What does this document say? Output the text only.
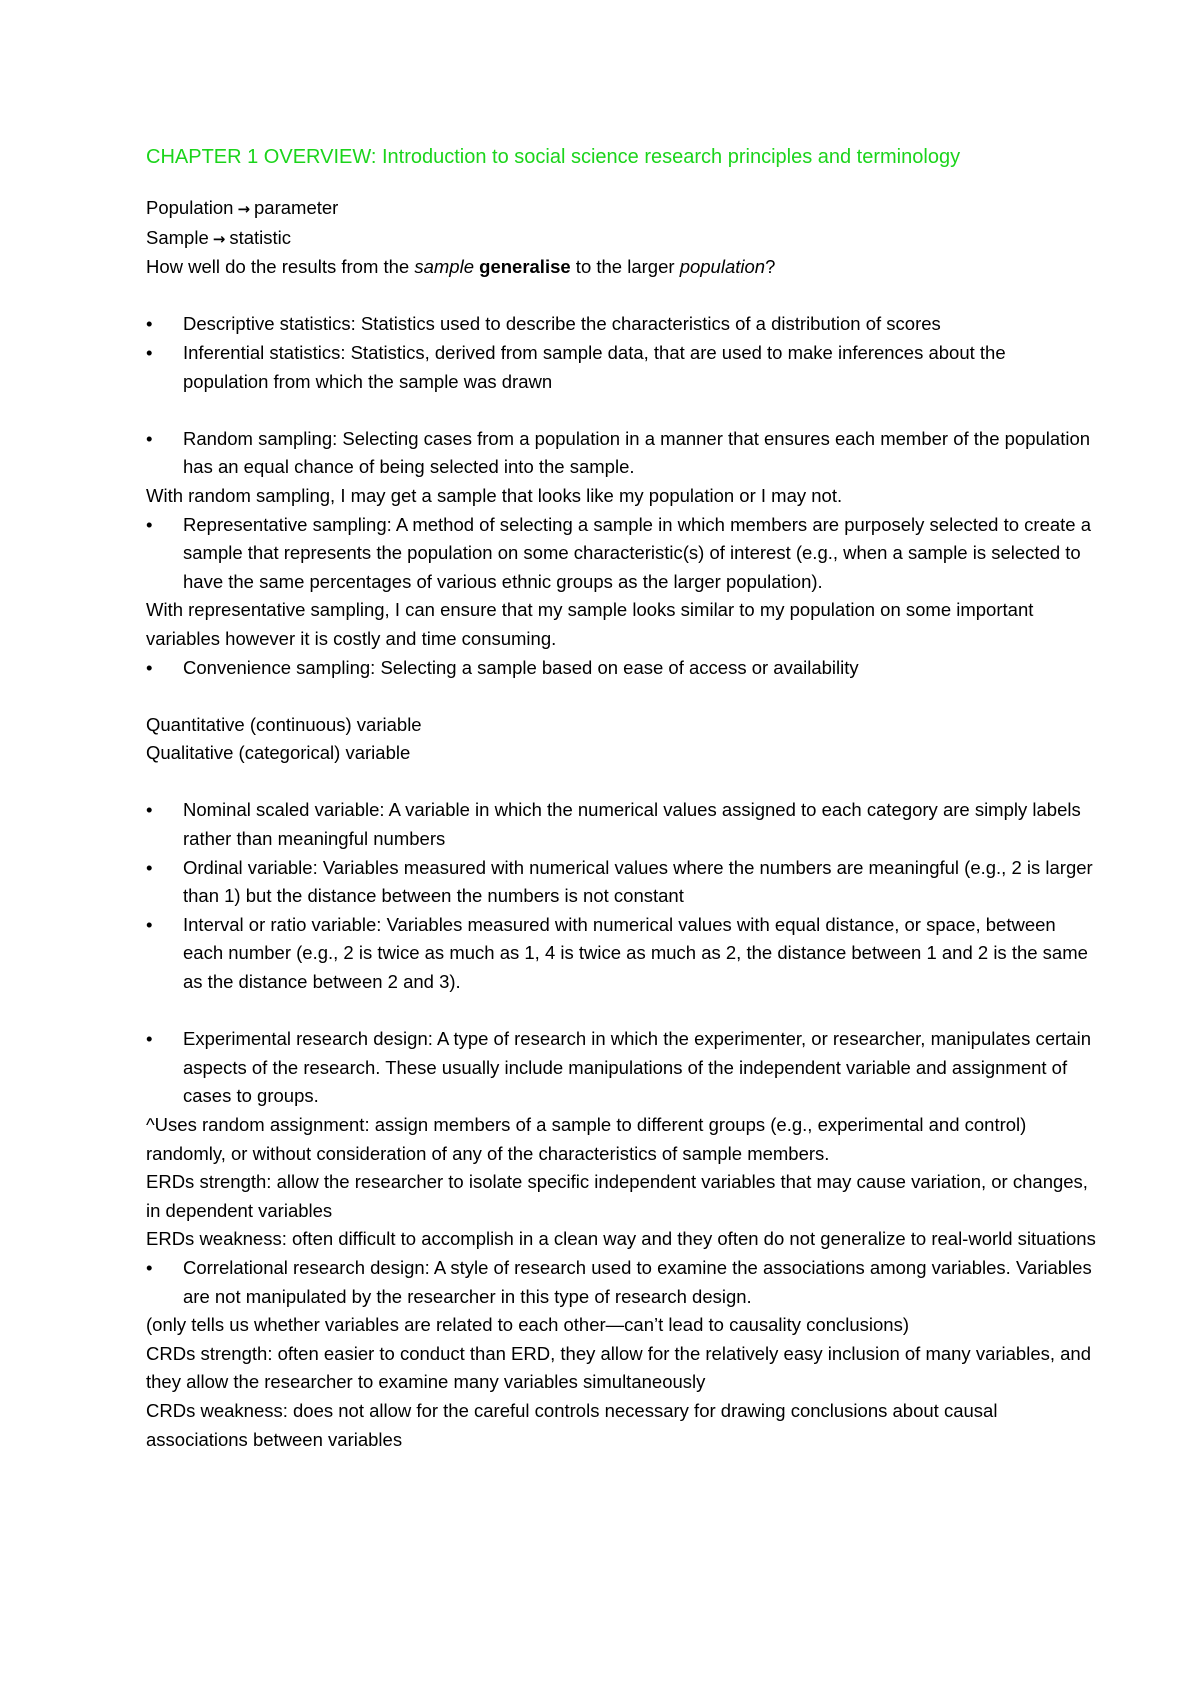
CHAPTER 1 OVERVIEW: Introduction to social science research principles and terminology

Population → parameter

Sample → statistic

How well do the results from the sample generalise to the larger population?

•	Descriptive statistics: Statistics used to describe the characteristics of a distribution of scores

•	Inferential statistics: Statistics, derived from sample data, that are used to make inferences about the population from which the sample was drawn

•	Random sampling: Selecting cases from a population in a manner that ensures each member of the population has an equal chance of being selected into the sample.

With random sampling, I may get a sample that looks like my population or I may not.

•	Representative sampling: A method of selecting a sample in which members are purposely selected to create a sample that represents the population on some characteristic(s) of interest (e.g., when a sample is selected to have the same percentages of various ethnic groups as the larger population).

With representative sampling, I can ensure that my sample looks similar to my population on some important variables however it is costly and time consuming.

•	Convenience sampling: Selecting a sample based on ease of access or availability

Quantitative (continuous) variable

Qualitative (categorical) variable

•	Nominal scaled variable: A variable in which the numerical values assigned to each category are simply labels rather than meaningful numbers

•	Ordinal variable: Variables measured with numerical values where the numbers are meaningful (e.g., 2 is larger than 1) but the distance between the numbers is not constant

•	Interval or ratio variable: Variables measured with numerical values with equal distance, or space, between each number (e.g., 2 is twice as much as 1, 4 is twice as much as 2, the distance between 1 and 2 is the same as the distance between 2 and 3).

•	Experimental research design: A type of research in which the experimenter, or researcher, manipulates certain aspects of the research. These usually include manipulations of the independent variable and assignment of cases to groups.

^Uses random assignment: assign members of a sample to different groups (e.g., experimental and control) randomly, or without consideration of any of the characteristics of sample members.

ERDs strength: allow the researcher to isolate specific independent variables that may cause variation, or changes, in dependent variables

ERDs weakness: often difficult to accomplish in a clean way and they often do not generalize to real-world situations

•	Correlational research design: A style of research used to examine the associations among variables. Variables are not manipulated by the researcher in this type of research design.

(only tells us whether variables are related to each other—can’t lead to causality conclusions)

CRDs strength: often easier to conduct than ERD, they allow for the relatively easy inclusion of many variables, and they allow the researcher to examine many variables simultaneously

CRDs weakness: does not allow for the careful controls necessary for drawing conclusions about causal associations between variables
